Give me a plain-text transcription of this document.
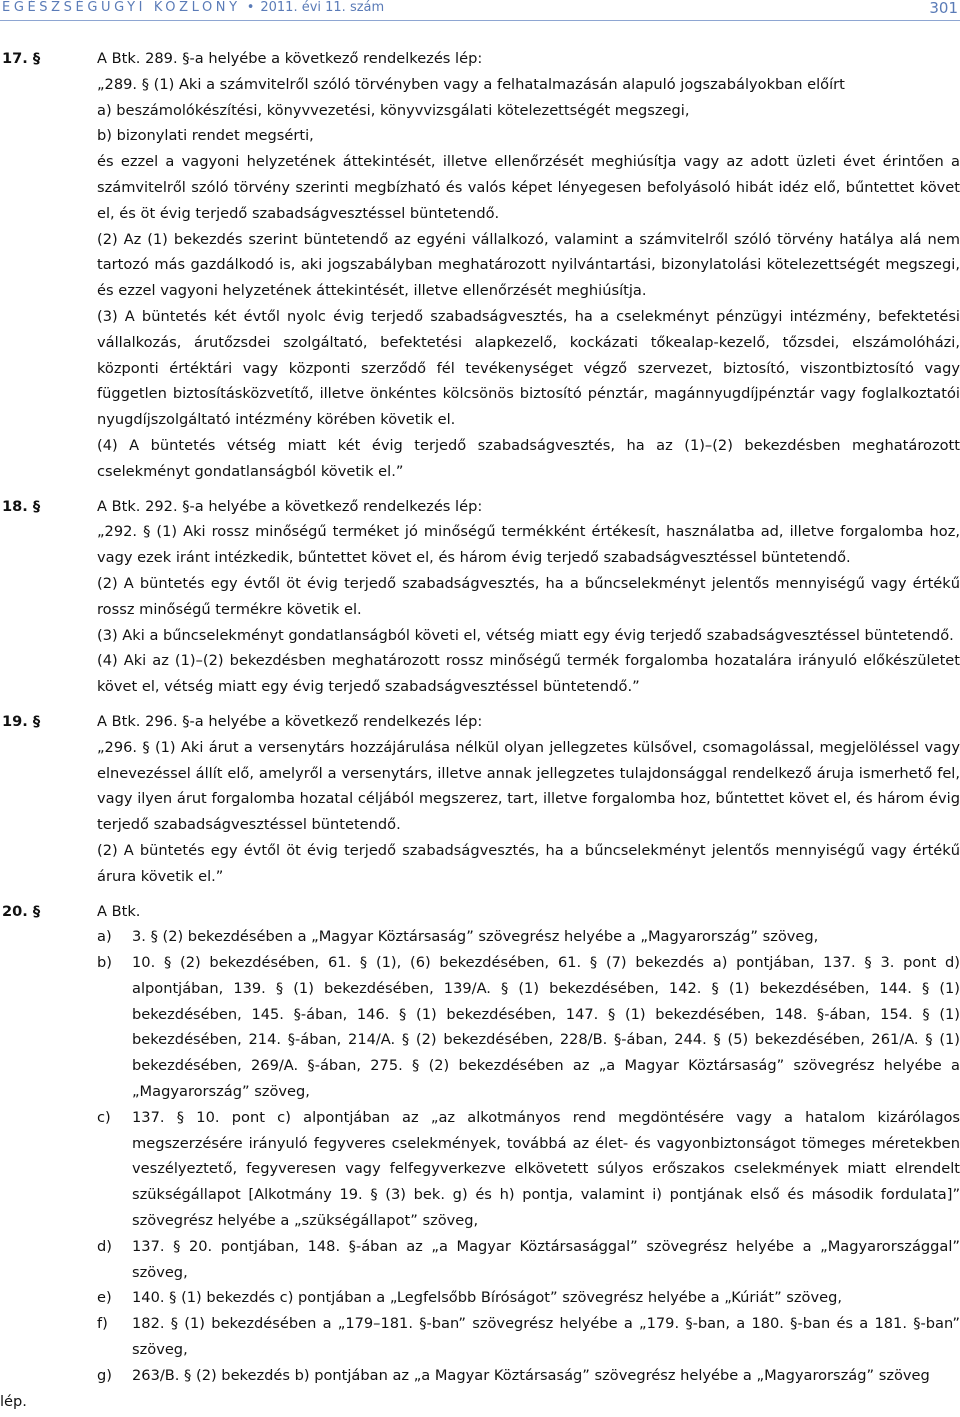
EGÉSZSÉGÜGYI KÖZLÖNY • 2011. évi 11. szám	301
17. §	A Btk. 289. §-a helyébe a következő rendelkezés lép:

„289. § (1) Aki a számvitelről szóló törvényben vagy a felhatalmazásán alapuló jogszabályokban előírt

a) beszámolókészítési, könyvvezetési, könyvvizsgálati kötelezettségét megszegi,

b) bizonylati rendet megsérti,

és ezzel a vagyoni helyzetének áttekintését, illetve ellenőrzését meghiúsítja vagy az adott üzleti évet érintően a számvitelről szóló törvény szerinti megbízható és valós képet lényegesen befolyásoló hibát idéz elő, bűntettet követ el, és öt évig terjedő szabadságvesztéssel büntetendő.

(2) Az (1) bekezdés szerint büntetendő az egyéni vállalkozó, valamint a számvitelről szóló törvény hatálya alá nem tartozó más gazdálkodó is, aki jogszabályban meghatározott nyilvántartási, bizonylatolási kötelezettségét megszegi, és ezzel vagyoni helyzetének áttekintését, illetve ellenőrzését meghiúsítja.

(3) A büntetés két évtől nyolc évig terjedő szabadságvesztés, ha a cselekményt pénzügyi intézmény, befektetési vállalkozás, árutőzsdei szolgáltató, befektetési alapkezelő, kockázati tőkealap-kezelő, tőzsdei, elszámolóházi, központi értéktári vagy központi szerződő fél tevékenységet végző szervezet, biztosító, viszontbiztosító vagy független biztosításközvetítő, illetve önkéntes kölcsönös biztosító pénztár, magánnyugdíjpénztár vagy foglalkoztatói nyugdíjszolgáltató intézmény körében követik el.

(4) A büntetés vétség miatt két évig terjedő szabadságvesztés, ha az (1)–(2) bekezdésben meghatározott cselekményt gondatlanságból követik el.”

18. §	A Btk. 292. §-a helyébe a következő rendelkezés lép:

„292. § (1) Aki rossz minőségű terméket jó minőségű termékként értékesít, használatba ad, illetve forgalomba hoz, vagy ezek iránt intézkedik, bűntettet követ el, és három évig terjedő szabadságvesztéssel büntetendő.

(2) A büntetés egy évtől öt évig terjedő szabadságvesztés, ha a bűncselekményt jelentős mennyiségű vagy értékű rossz minőségű termékre követik el.

(3) Aki a bűncselekményt gondatlanságból követi el, vétség miatt egy évig terjedő szabadságvesztéssel büntetendő.

(4) Aki az (1)–(2) bekezdésben meghatározott rossz minőségű termék forgalomba hozatalára irányuló előkészületet követ el, vétség miatt egy évig terjedő szabadságvesztéssel büntetendő.”

19. §	A Btk. 296. §-a helyébe a következő rendelkezés lép:

„296. § (1) Aki árut a versenytárs hozzájárulása nélkül olyan jellegzetes külsővel, csomagolással, megjelöléssel vagy elnevezéssel állít elő, amelyről a versenytárs, illetve annak jellegzetes tulajdonsággal rendelkező áruja ismerhető fel, vagy ilyen árut forgalomba hozatal céljából megszerez, tart, illetve forgalomba hoz, bűntettet követ el, és három évig terjedő szabadságvesztéssel büntetendő.

(2) A büntetés egy évtől öt évig terjedő szabadságvesztés, ha a bűncselekményt jelentős mennyiségű vagy értékű árura követik el.”

20. §	A Btk.

a) 3. § (2) bekezdésében a „Magyar Köztársaság” szövegrész helyébe a „Magyarország” szöveg,
b) 10. § (2) bekezdésében, 61. § (1), (6) bekezdésében, 61. § (7) bekezdés a) pontjában, 137. § 3. pont d) alpontjában, 139. § (1) bekezdésében, 139/A. § (1) bekezdésében, 142. § (1) bekezdésében, 144. § (1) bekezdésében, 145. §-ában, 146. § (1) bekezdésében, 147. § (1) bekezdésében, 148. §-ában, 154. § (1) bekezdésében, 214. §-ában, 214/A. § (2) bekezdésében, 228/B. §-ában, 244. § (5) bekezdésében, 261/A. § (1) bekezdésében, 269/A. §-ában, 275. § (2) bekezdésében az „a Magyar Köztársaság” szövegrész helyébe a „Magyarország” szöveg,
c) 137. § 10. pont c) alpontjában az „az alkotmányos rend megdöntésére vagy a hatalom kizárólagos megszerzésére irányuló fegyveres cselekmények, továbbá az élet- és vagyonbiztonságot tömeges méretekben veszélyeztető, fegyveresen vagy felfegyverkezve elkövetett súlyos erőszakos cselekmények miatt elrendelt szükségállapot [Alkotmány 19. § (3) bek. g) és h) pontja, valamint i) pontjának első és második fordulata]” szövegrész helyébe a „szükségállapot” szöveg,
d) 137. § 20. pontjában, 148. §-ában az „a Magyar Köztársasággal” szövegrész helyébe a „Magyarországgal” szöveg,
e) 140. § (1) bekezdés c) pontjában a „Legfelsőbb Bíróságot” szövegrész helyébe a „Kúriát” szöveg,
f) 182. § (1) bekezdésében a „179–181. §-ban” szövegrész helyébe a „179. §-ban, a 180. §-ban és a 181. §-ban” szöveg,
g) 263/B. § (2) bekezdés b) pontjában az „a Magyar Köztársaság” szövegrész helyébe a „Magyarország” szöveg

lép.
